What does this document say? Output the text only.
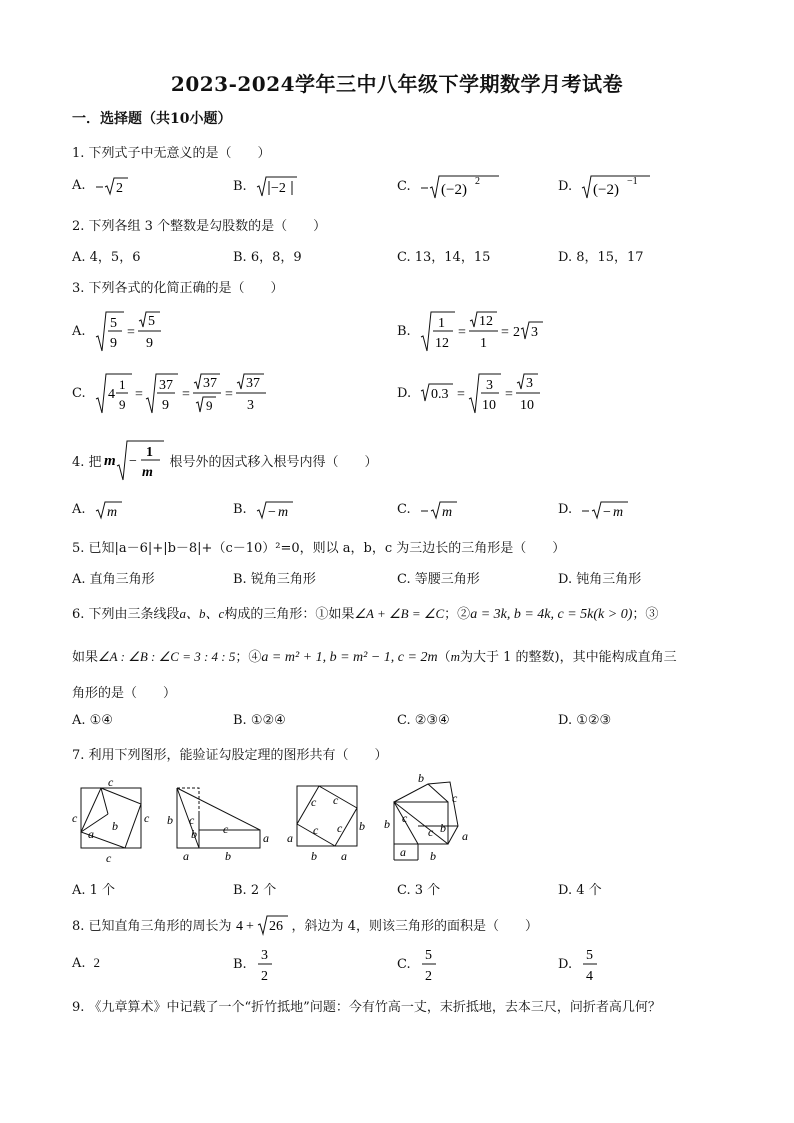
2023-2024学年三中八年级下学期数学月考试卷
一．选择题（共10小题）
1. 下列式子中无意义的是（　　）
A. 2	B. −2	C. (−2)
2	D. (−2)
−1
2. 下列各组 3 个整数是勾股数的是（　　）
A. 4，5，6	B. 6，8，9	C. 13，14，15	D. 8，15，17
3. 下列各式的化简正确的是（　　）
A. 5
9
=
5
9
B. 1
12
=
12
1
= 2 3
C. 4
1
9
=
37
9
=
37
9
=
37
3
D. 0.3 =
3
10
=
3
10
4. 把 m −
1
m
根号外的因式移入根号内得（　　）
A. m	B. − m	C. m	D. − m
5. 已知|a－6|+|b－8|+（c－10）²=0，则以 a，b，c 为三边长的三角形是（　　）
A. 直角三角形	B. 锐角三角形	C. 等腰三角形	D. 钝角三角形
6. 下列由三条线段a、b、c构成的三角形：①如果∠A + ∠B = ∠C；②a = 3k, b = 4k, c = 5k(k > 0)；③
如果∠A : ∠B : ∠C = 3 : 4 : 5；④a = m² + 1, b = m² − 1, c = 2m（m为大于 1 的整数)，其中能构成直角三
角形的是（　　）
A. ①④	B. ①②④	C. ②③④	D. ①②③
7. 利用下列图形，能验证勾股定理的图形共有（　　）
c
c	c
c
a
b	b c
b c
a
a	b
c c
c c
a
b
b a
b
c
b c
c b
a
a b
A. 1 个	B. 2 个	C. 3 个	D. 4 个
8. 已知直角三角形的周长为 4 + 26 ，斜边为 4，则该三角形的面积是（　　）
A. 2	B.
3
2
C.
5
2
D.
5
4
9. 《九章算术》中记载了一个“折竹抵地”问题：今有竹高一丈，末折抵地，去本三尺，问折者高几何？
